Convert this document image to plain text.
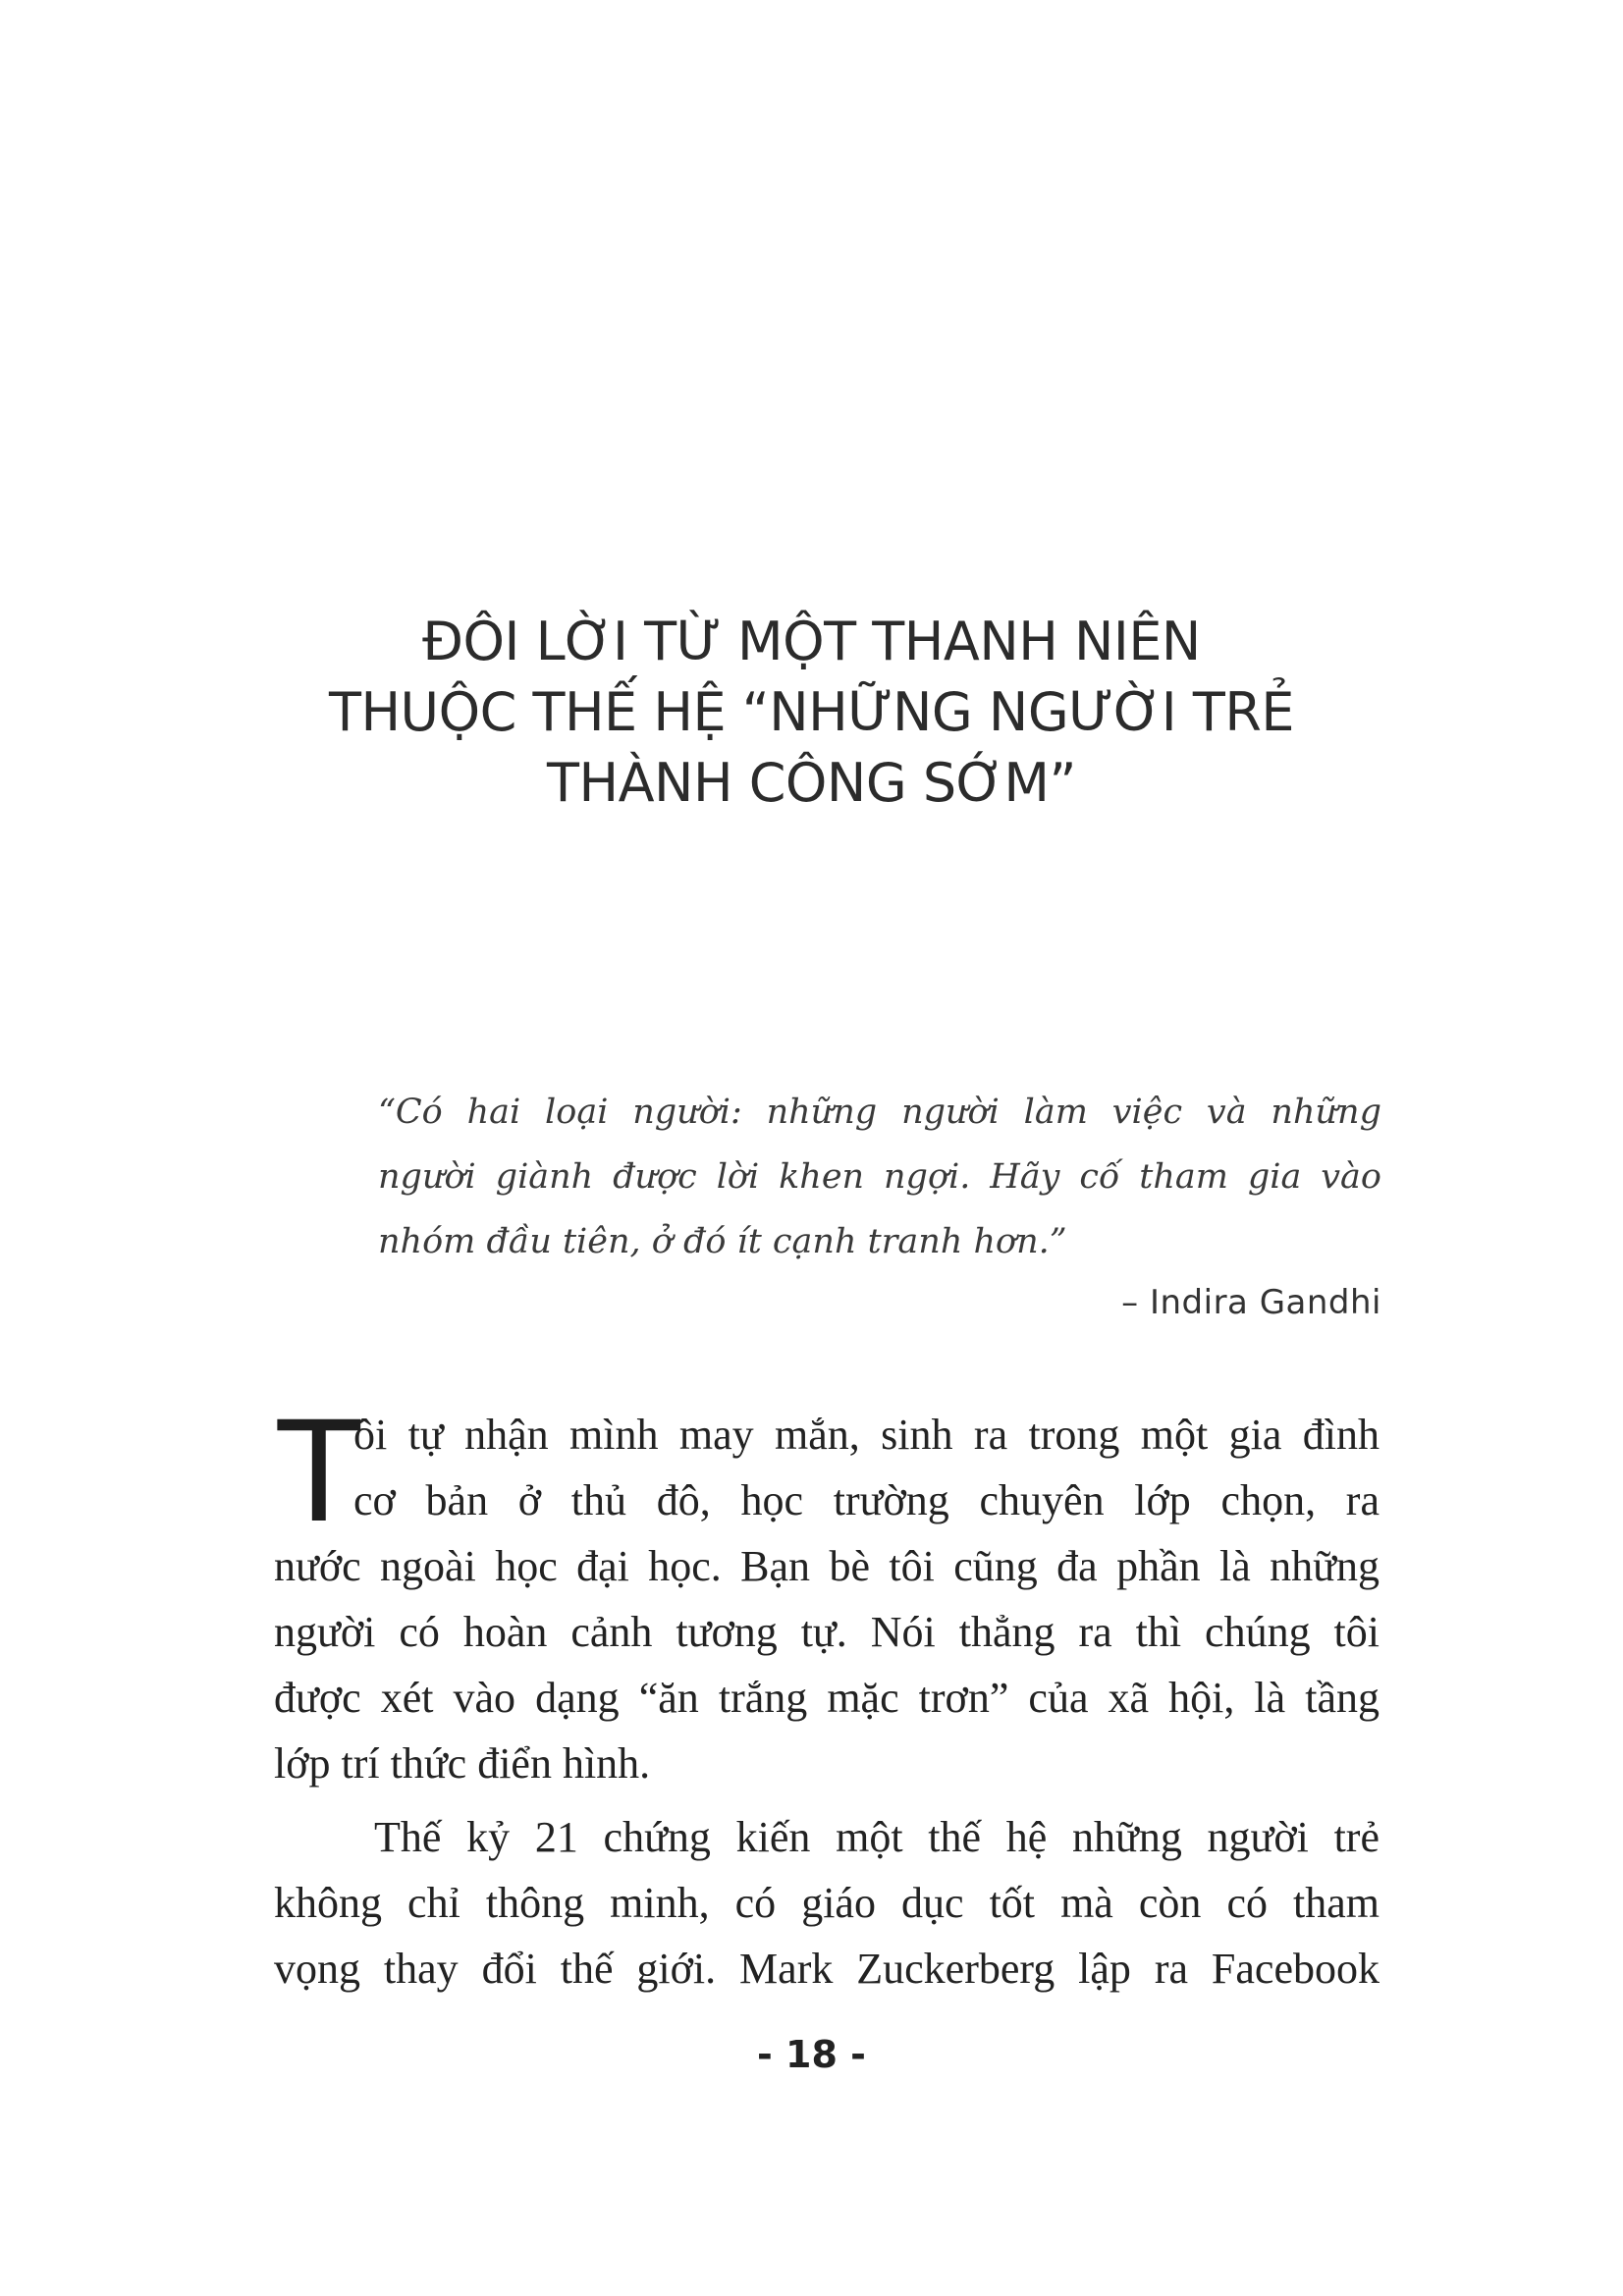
ĐÔI LỜI TỪ MỘT THANH NIÊN
THUỘC THẾ HỆ “NHỮNG NGƯỜI TRẺ
THÀNH CÔNG SỚM”

“Có hai loại người: những người làm việc và những
người giành được lời khen ngợi. Hãy cố tham gia vào
nhóm đầu tiên, ở đó ít cạnh tranh hơn.”

– Indira Gandhi

T
ôi tự nhận mình may mắn, sinh ra trong một gia đình
cơ bản ở thủ đô, học trường chuyên lớp chọn, ra
nước ngoài học đại học. Bạn bè tôi cũng đa phần là những
người có hoàn cảnh tương tự. Nói thẳng ra thì chúng tôi
được xét vào dạng “ăn trắng mặc trơn” của xã hội, là tầng
lớp trí thức điển hình.
Thế kỷ 21 chứng kiến một thế hệ những người trẻ
không chỉ thông minh, có giáo dục tốt mà còn có tham
vọng thay đổi thế giới. Mark Zuckerberg lập ra Facebook
- 18 -
